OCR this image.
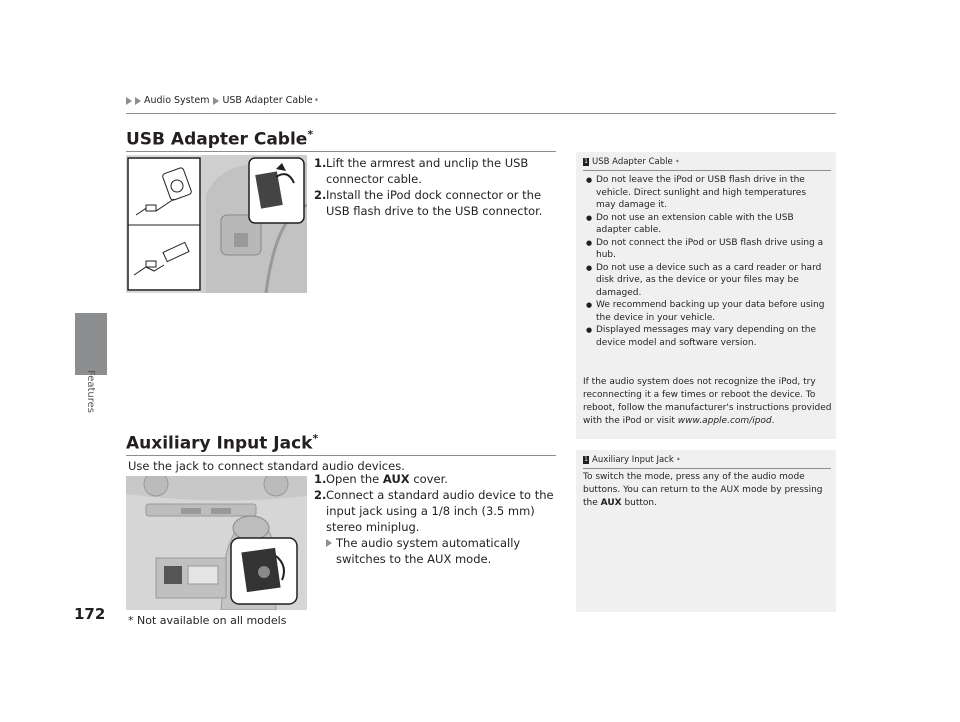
Features
172
Audio System USB Adapter Cable *
USB Adapter Cable*
1. Lift the armrest and unclip the USB connector cable.
2. Install the iPod dock connector or the USB flash drive to the USB connector.
1 USB Adapter Cable *
● Do not leave the iPod or USB flash drive in the vehicle. Direct sunlight and high temperatures may damage it.
● Do not use an extension cable with the USB adapter cable.
● Do not connect the iPod or USB flash drive using a hub.
● Do not use a device such as a card reader or hard disk drive, as the device or your files may be damaged.
● We recommend backing up your data before using the device in your vehicle.
● Displayed messages may vary depending on the device model and software version.
If the audio system does not recognize the iPod, try reconnecting it a few times or reboot the device. To reboot, follow the manufacturer's instructions provided with the iPod or visit www.apple.com/ipod.
Auxiliary Input Jack*
Use the jack to connect standard audio devices.
1. Open the AUX cover.
2. Connect a standard audio device to the input jack using a 1/8 inch (3.5 mm) stereo miniplug.
The audio system automatically switches to the AUX mode.
1 Auxiliary Input Jack *
To switch the mode, press any of the audio mode buttons. You can return to the AUX mode by pressing the AUX button.
* Not available on all models
